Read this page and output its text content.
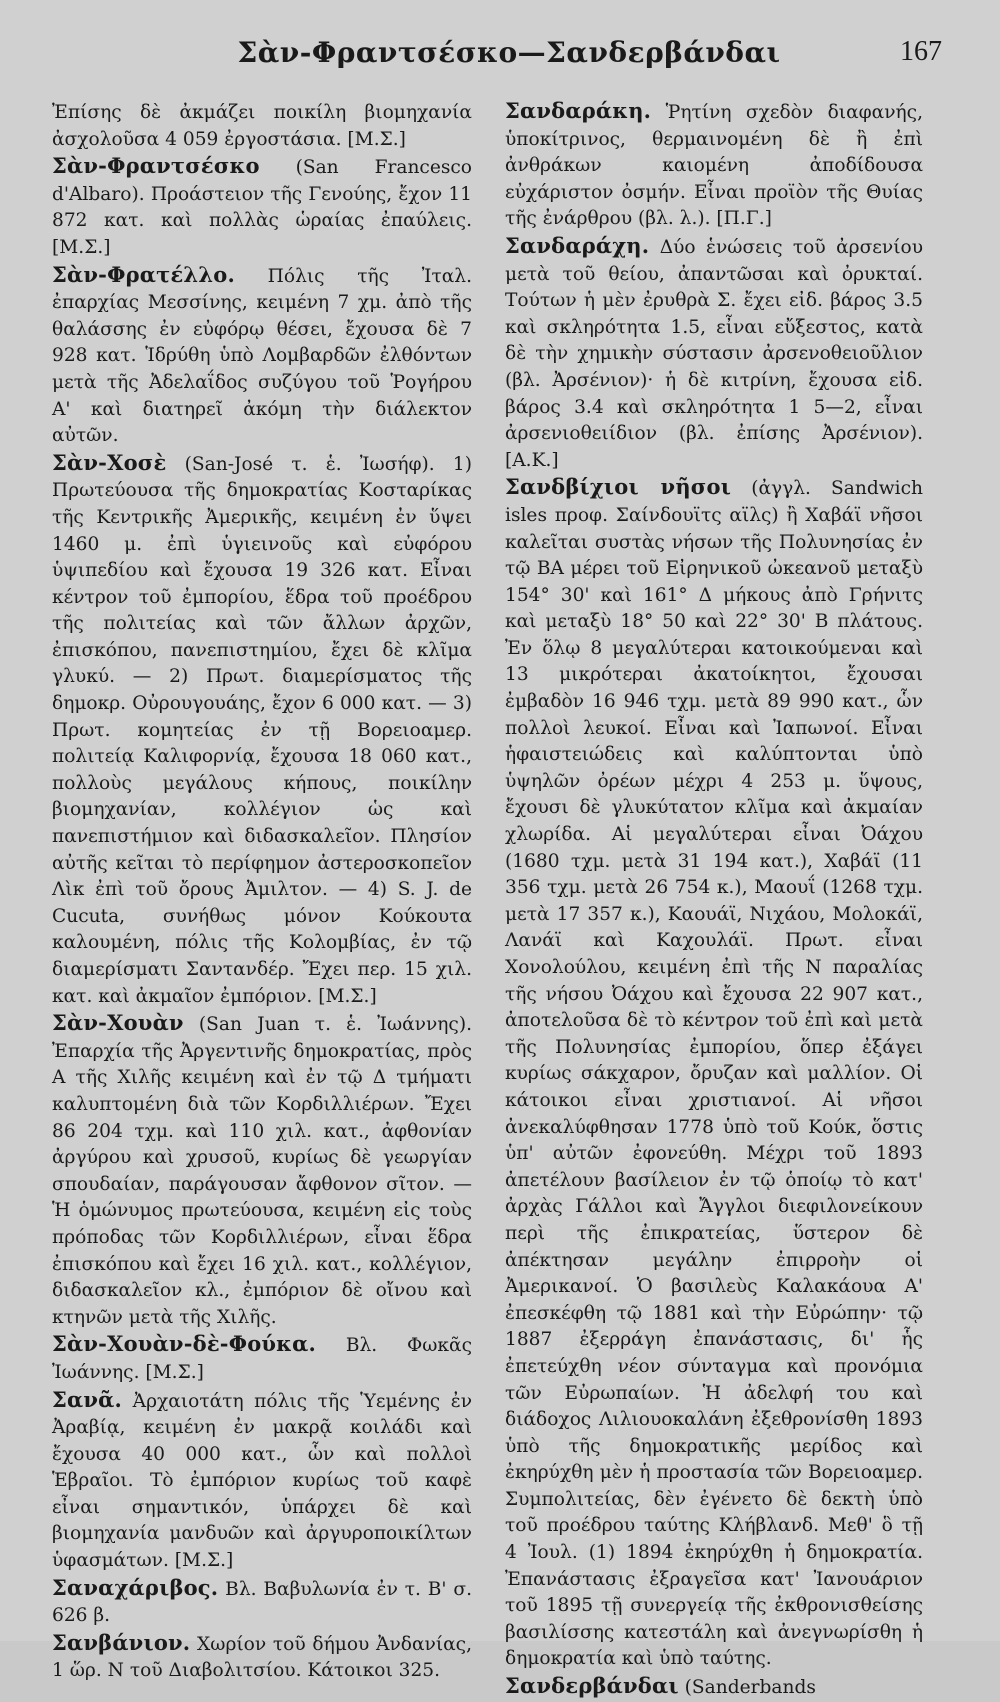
Σὰν-Φραντσέσκο—Σανδερβάνδαι	167

Ἐπίσης δὲ ἀκμάζει ποικίλη βιομηχανία ἀσχολοῦσα 4 059 ἐργοστάσια. [Μ.Σ.]

Σὰν-Φραντσέσκο (San Francesco d'Albaro). Προάστειον τῆς Γενούης, ἔχον 11 872 κατ. καὶ πολλὰς ὡραίας ἐπαύλεις. [Μ.Σ.]

Σὰν-Φρατέλλο. Πόλις τῆς Ἰταλ. ἐπαρχίας Μεσσίνης, κειμένη 7 χμ. ἀπὸ τῆς θαλάσσης ἐν εὐφόρῳ θέσει, ἔχουσα δὲ 7 928 κατ. Ἱδρύθη ὑπὸ Λομβαρδῶν ἐλθόντων μετὰ τῆς Ἀδελαΐδος συζύγου τοῦ Ῥογήρου Α' καὶ διατηρεῖ ἀκόμη τὴν διάλεκτον αὐτῶν.

Σὰν-Χοσὲ (San-José τ. ἑ. Ἰωσήφ). 1) Πρωτεύουσα τῆς δημοκρατίας Κοσταρίκας τῆς Κεντρικῆς Ἀμερικῆς, κειμένη ἐν ὕψει 1460 μ. ἐπὶ ὑγιεινοῦς καὶ εὐφόρου ὑψιπεδίου καὶ ἔχουσα 19 326 κατ. Εἶναι κέντρον τοῦ ἐμπορίου, ἕδρα τοῦ προέδρου τῆς πολιτείας καὶ τῶν ἄλλων ἀρχῶν, ἐπισκόπου, πανεπιστημίου, ἔχει δὲ κλῖμα γλυκύ. — 2) Πρωτ. διαμερίσματος τῆς δημοκρ. Οὐρουγουάης, ἔχον 6 000 κατ. — 3) Πρωτ. κομητείας ἐν τῇ Βορειοαμερ. πολιτείᾳ Καλιφορνίᾳ, ἔχουσα 18 060 κατ., πολλοὺς μεγάλους κήπους, ποικίλην βιομηχανίαν, κολλέγιον ὡς καὶ πανεπιστήμιον καὶ διδασκαλεῖον. Πλησίον αὐτῆς κεῖται τὸ περίφημον ἀστεροσκοπεῖον Λὶκ ἐπὶ τοῦ ὄρους Ἀμιλτον. — 4) S. J. de Cucuta, συνήθως μόνον Κούκουτα καλουμένη, πόλις τῆς Κολομβίας, ἐν τῷ διαμερίσματι Σαντανδέρ. Ἔχει περ. 15 χιλ. κατ. καὶ ἀκμαῖον ἐμπόριον. [Μ.Σ.]

Σὰν-Χουὰν (San Juan τ. ἑ. Ἰωάννης). Ἐπαρχία τῆς Ἀργεντινῆς δημοκρατίας, πρὸς Α τῆς Χιλῆς κειμένη καὶ ἐν τῷ Δ τμήματι καλυπτομένη διὰ τῶν Κορδιλλιέρων. Ἔχει 86 204 τχμ. καὶ 110 χιλ. κατ., ἀφθονίαν ἀργύρου καὶ χρυσοῦ, κυρίως δὲ γεωργίαν σπουδαίαν, παράγουσαν ἄφθονον σῖτον. — Ἡ ὁμώνυμος πρωτεύουσα, κειμένη εἰς τοὺς πρόποδας τῶν Κορδιλλιέρων, εἶναι ἕδρα ἐπισκόπου καὶ ἔχει 16 χιλ. κατ., κολλέγιον, διδασκαλεῖον κλ., ἐμπόριον δὲ οἴνου καὶ κτηνῶν μετὰ τῆς Χιλῆς.

Σὰν-Χουὰν-δὲ-Φούκα. Βλ. Φωκᾶς Ἰωάννης. [Μ.Σ.]

Σανᾶ. Ἀρχαιοτάτη πόλις τῆς Ὑεμένης ἐν Ἀραβίᾳ, κειμένη ἐν μακρᾷ κοιλάδι καὶ ἔχουσα 40 000 κατ., ὧν καὶ πολλοὶ Ἑβραῖοι. Τὸ ἐμπόριον κυρίως τοῦ καφὲ εἶναι σημαντικόν, ὑπάρχει δὲ καὶ βιομηχανία μανδυῶν καὶ ἀργυροποικίλτων ὑφασμάτων. [Μ.Σ.]

Σαναχάριβος. Βλ. Βαβυλωνία ἐν τ. Β' σ. 626 β.

Σανβάνιον. Χωρίον τοῦ δήμου Ἀνδανίας, 1 ὥρ. Ν τοῦ Διαβολιτσίου. Κάτοικοι 325.

Σανδαράκη. Ῥητίνη σχεδὸν διαφανής, ὑποκίτρινος, θερμαινομένη δὲ ἢ ἐπὶ ἀνθράκων καιομένη ἀποδίδουσα εὐχάριστον ὀσμήν. Εἶναι προϊὸν τῆς Θυίας τῆς ἐνάρθρου (βλ. λ.). [Π.Γ.]

Σανδαράχη. Δύο ἑνώσεις τοῦ ἀρσενίου μετὰ τοῦ θείου, ἀπαντῶσαι καὶ ὀρυκταί. Τούτων ἡ μὲν ἐρυθρὰ Σ. ἔχει εἰδ. βάρος 3.5 καὶ σκληρότητα 1.5, εἶναι εὔξεστος, κατὰ δὲ τὴν χημικὴν σύστασιν ἀρσενοθειοῦλιον (βλ. Ἀρσένιον)· ἡ δὲ κιτρίνη, ἔχουσα εἰδ. βάρος 3.4 καὶ σκληρότητα 1 5—2, εἶναι ἀρσενιοθειίδιον (βλ. ἐπίσης Ἀρσένιον). [Α.Κ.]

Σανδβίχιοι νῆσοι (ἀγγλ. Sandwich isles προφ. Σαίνδουϊτς αϊλς) ἢ Χαβάϊ νῆσοι καλεῖται συστὰς νήσων τῆς Πολυνησίας ἐν τῷ ΒΑ μέρει τοῦ Εἰρηνικοῦ ὠκεανοῦ μεταξὺ 154° 30' καὶ 161° Δ μήκους ἀπὸ Γρήνιτς καὶ μεταξὺ 18° 50 καὶ 22° 30' Β πλάτους. Ἐν ὅλῳ 8 μεγαλύτεραι κατοικούμεναι καὶ 13 μικρότεραι ἀκατοίκητοι, ἔχουσαι ἐμβαδὸν 16 946 τχμ. μετὰ 89 990 κατ., ὧν πολλοὶ λευκοί. Εἶναι καὶ Ἰαπωνοί. Εἶναι ἡφαιστειώδεις καὶ καλύπτονται ὑπὸ ὑψηλῶν ὀρέων μέχρι 4 253 μ. ὕψους, ἔχουσι δὲ γλυκύτατον κλῖμα καὶ ἀκμαίαν χλωρίδα. Αἱ μεγαλύτεραι εἶναι Ὀάχου (1680 τχμ. μετὰ 31 194 κατ.), Χαβάϊ (11 356 τχμ. μετὰ 26 754 κ.), Μαουΐ (1268 τχμ. μετὰ 17 357 κ.), Καουάϊ, Νιχάου, Μολοκάϊ, Λανάϊ καὶ Καχουλάϊ. Πρωτ. εἶναι Χονολούλου, κειμένη ἐπὶ τῆς Ν παραλίας τῆς νήσου Ὀάχου καὶ ἔχουσα 22 907 κατ., ἀποτελοῦσα δὲ τὸ κέντρον τοῦ ἐπὶ καὶ μετὰ τῆς Πολυνησίας ἐμπορίου, ὅπερ ἐξάγει κυρίως σάκχαρον, ὄρυζαν καὶ μαλλίον. Οἱ κάτοικοι εἶναι χριστιανοί. Αἱ νῆσοι ἀνεκαλύφθησαν 1778 ὑπὸ τοῦ Κούκ, ὅστις ὑπ' αὐτῶν ἐφονεύθη. Μέχρι τοῦ 1893 ἀπετέλουν βασίλειον ἐν τῷ ὁποίῳ τὸ κατ' ἀρχὰς Γάλλοι καὶ Ἄγγλοι διεφιλονείκουν περὶ τῆς ἐπικρατείας, ὕστερον δὲ ἀπέκτησαν μεγάλην ἐπιρροὴν οἱ Ἀμερικανοί. Ὁ βασιλεὺς Καλακάουα Α' ἐπεσκέφθη τῷ 1881 καὶ τὴν Εὐρώπην· τῷ 1887 ἐξερράγη ἐπανάστασις, δι' ἧς ἐπετεύχθη νέον σύνταγμα καὶ προνόμια τῶν Εὐρωπαίων. Ἡ ἀδελφή του καὶ διάδοχος Λιλιουοκαλάνη ἐξεθρονίσθη 1893 ὑπὸ τῆς δημοκρατικῆς μερίδος καὶ ἐκηρύχθη μὲν ἡ προστασία τῶν Βορειοαμερ. Συμπολιτείας, δὲν ἐγένετο δὲ δεκτὴ ὑπὸ τοῦ προέδρου ταύτης Κλήβλανδ. Μεθ' ὃ τῇ 4 Ἰουλ. (1) 1894 ἐκηρύχθη ἡ δημοκρατία. Ἐπανάστασις ἐξραγεῖσα κατ' Ἰανουάριον τοῦ 1895 τῇ συνεργείᾳ τῆς ἐκθρονισθείσης βασιλίσσης κατεστάλη καὶ ἀνεγνωρίσθη ἡ δημοκρατία καὶ ὑπὸ ταύτης.

Σανδερβάνδαι (Sanderbands
